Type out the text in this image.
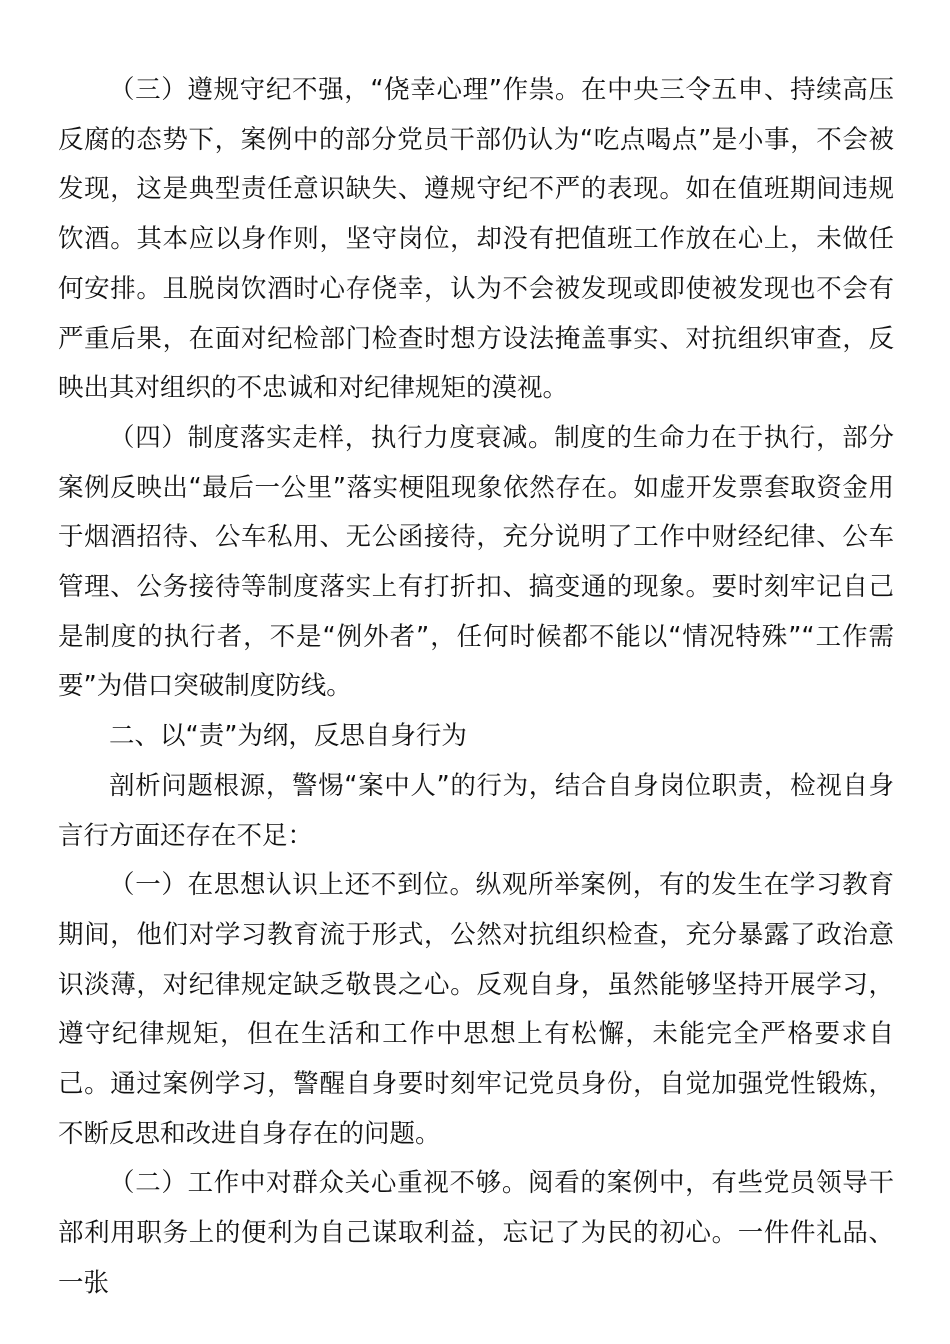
（三）遵规守纪不强，“侥幸心理”作祟。在中央三令五申、持续高压反腐的态势下，案例中的部分党员干部仍认为“吃点喝点”是小事，不会被发现，这是典型责任意识缺失、遵规守纪不严的表现。如在值班期间违规饮酒。其本应以身作则，坚守岗位，却没有把值班工作放在心上，未做任何安排。且脱岗饮酒时心存侥幸，认为不会被发现或即使被发现也不会有严重后果，在面对纪检部门检查时想方设法掩盖事实、对抗组织审查，反映出其对组织的不忠诚和对纪律规矩的漠视。

（四）制度落实走样，执行力度衰减。制度的生命力在于执行，部分案例反映出“最后一公里”落实梗阻现象依然存在。如虚开发票套取资金用于烟酒招待、公车私用、无公函接待，充分说明了工作中财经纪律、公车管理、公务接待等制度落实上有打折扣、搞变通的现象。要时刻牢记自己是制度的执行者，不是“例外者”，任何时候都不能以“情况特殊”“工作需要”为借口突破制度防线。

二、以“责”为纲，反思自身行为

剖析问题根源，警惕“案中人”的行为，结合自身岗位职责，检视自身言行方面还存在不足：

（一）在思想认识上还不到位。纵观所举案例，有的发生在学习教育期间，他们对学习教育流于形式，公然对抗组织检查，充分暴露了政治意识淡薄，对纪律规定缺乏敬畏之心。反观自身，虽然能够坚持开展学习，遵守纪律规矩，但在生活和工作中思想上有松懈，未能完全严格要求自己。通过案例学习，警醒自身要时刻牢记党员身份，自觉加强党性锻炼，不断反思和改进自身存在的问题。

（二）工作中对群众关心重视不够。阅看的案例中，有些党员领导干部利用职务上的便利为自己谋取利益，忘记了为民的初心。一件件礼品、一张
